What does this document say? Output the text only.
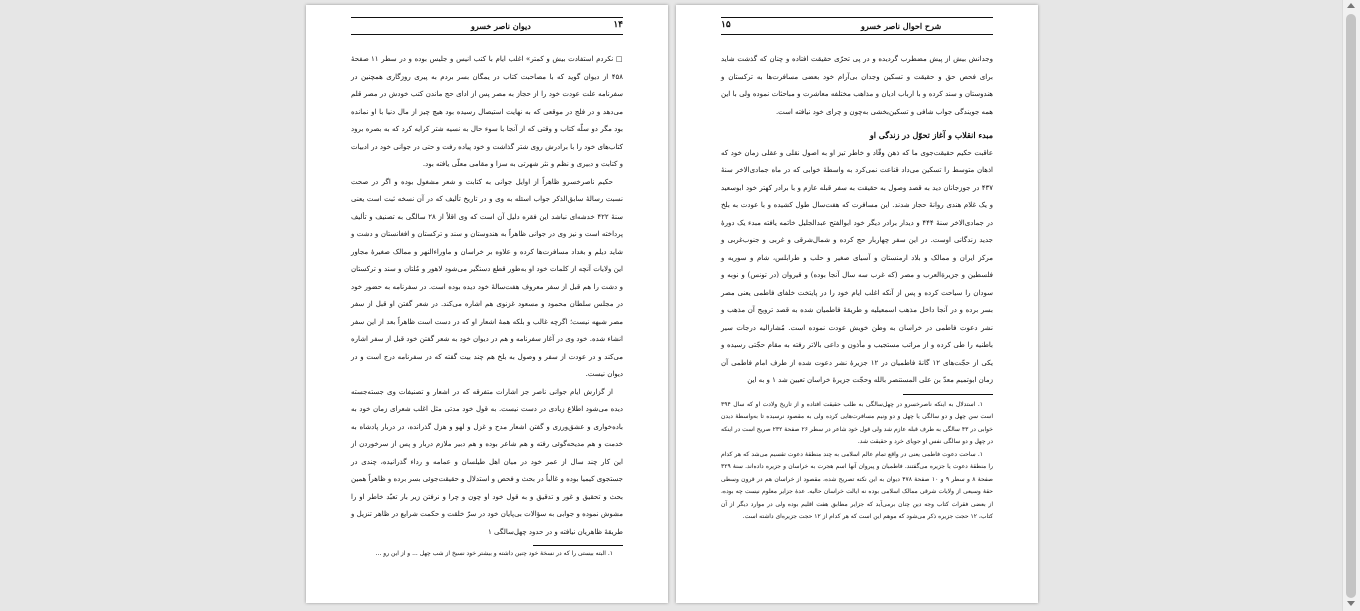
دیوان ناصر خسرو	۱۴

□ نکردم استفادت بیش و کمتر» اغلب ایام با کتب انیس و جلیس بوده و در سطر ۱۱ صفحهٔ ۴۵۸ از دیوان گوید که با مصاحبت کتاب در یمگان بسر بردم به پیری روزگاری همچنین در سفرنامه علت عودت خود را از حجاز به مصر پس از ادای حج ماندن کتب خودش در مصر قلم می‌دهد و در فلج در موقعی که به نهایت استیصال رسیده بود هیچ چیز از مال دنیا با او نمانده بود مگر دو سلّه کتاب و وقتی که از آنجا با سوء حال به نسیه شتر کرایه کرد که به بصره برود کتاب‌های خود را با برادرش روی شتر گذاشت و خود پیاده رفت و حتی در جوانی خود در ادبیات و کتابت و دبیری و نظم و نثر شهرتی به سزا و مقامی معلّی یافته بود.

حکیم ناصرخسرو ظاهراً از اوایل جوانی به کتابت و شعر مشغول بوده و اگر در صحت نسبت رسالهٔ سابق‌الذکر جواب اسئله به وی و در تاریخ تألیف که در آن نسخه ثبت است یعنی سنهٔ ۴۲۲ خدشه‌ای نباشد این فقره دلیل آن است که وی اقلاً از ۲۸ سالگی به تصنیف و تألیف پرداخته است و نیز وی در جوانی ظاهراً به هندوستان و سند و ترکستان و افغانستان و دشت و شاید دیلم و بغداد مسافرت‌ها کرده و علاوه بر خراسان و ماوراءالنهر و ممالک صغیرهٔ مجاور این ولایات آنچه از کلمات خود او به‌طور قطع دستگیر می‌شود لاهور و مُلتان و سند و ترکستان و دشت را هم قبل از سفر معروف هفت‌سالهٔ خود دیده بوده است. در سفرنامه به حضور خود در مجلس سلطان محمود و مسعود غزنوی هم اشاره می‌کند. در شعر گفتن او قبل از سفر مصر شبهه نیست؛ اگرچه غالب و بلکه همهٔ اشعار او که در دست است ظاهراً بعد از این سفر انشاء شده. خود وی در آغاز سفرنامه و هم در دیوان خود به شعر گفتن خود قبل از سفر اشاره می‌کند و در عودت از سفر و وصول به بلخ هم چند بیت گفته که در سفرنامه درج است و در دیوان نیست.

از گزارش ایام جوانی ناصر جز اشارات متفرقه که در اشعار و تصنیفات وی جسته‌جسته دیده می‌شود اطلاع زیادی در دست نیست. به قول خود مدتی مثل اغلب شعرای زمان خود به باده‌خواری و عشق‌ورزی و گفتن اشعار مدح و غزل و لهو و هزل گذرانده، در دربار پادشاه به خدمت و هم مدیحه‌گوئی رفته و هم شاعر بوده و هم دبیر ملازم دربار و پس از سرخوردن از این کار چند سال از عمر خود در میان اهل طیلسان و عمامه و رداء گذرانیده، چندی در جستجوی کیمیا بوده و غالباً در بحث و فحص و استدلال و حقیقت‌جوئی بسر برده و ظاهراً همین بحث و تحقیق و غور و تدقیق و به قول خود او چون و چرا و نرفتن زیر بار تعبّد خاطر او را مشوش نموده و جوابی به سؤالات بی‌پایان خود در سرّ خلقت و حکمت شرایع در ظاهر تنزیل و طریقهٔ ظاهریان نیافته و در حدود چهل‌سالگی ۱

۱. البته بیستی را که در نسخهٔ خود چنین داشته و بیشتر خود نسیخ از شب چهل ... و از این رو ...

۱۵	شرح احوال ناصر خسرو

وجدانش بیش از پیش مضطرب گردیده و در پی تحرّی حقیقت افتاده و چنان که گذشت شاید برای فحص حق و حقیقت و تسکین وجدان بی‌آرام خود بعضی مسافرت‌ها به ترکستان و هندوستان و سند کرده و با ارباب ادیان و مذاهب مختلفه معاشرت و مباحثات نموده ولی با این همه جویندگی جواب شافی و تسکین‌بخشی به‌چون و چرای خود نیافته است.

مبدء انقلاب و آغاز تحوّل در زندگی او

عاقبت حکیم حقیقت‌جوی ما که ذهن وقّاد و خاطر تیز او به اصول نقلی و عقلی زمان خود که اذهان متوسط را تسکین می‌داد قناعت نمی‌کرد به واسطهٔ خوابی که در ماه جمادی‌الاخر سنهٔ ۴۳۷ در جوزجانان دید به قصد وصول به حقیقت به سفر قبله عازم و با برادر کهتر خود ابوسعید و یک غلام هندی روانهٔ حجاز شدند. این مسافرت که هفت‌سال طول کشیده و با عودت به بلخ در جمادی‌الاخر سنهٔ ۴۴۴ و دیدار برادر دیگر خود ابوالفتح عبدالجلیل خاتمه یافته مبدء یک دورهٔ جدید زندگانی اوست. در این سفر چهاربار حج کرده و شمال‌شرقی و غربی و جنوب‌غربی و مرکز ایران و ممالک و بلاد ارمنستان و آسیای صغیر و حلب و طرابلس، شام و سوریه و فلسطین و جزیرةالعرب و مصر (که غرب سه سال آنجا بوده) و قیروان (در تونس) و نوبه و سودان را سیاحت کرده و پس از آنکه اغلب ایام خود را در پایتخت خلفای فاطمی یعنی مصر بسر برده و در آنجا داخل مذهب اسمعیلیه و طریقهٔ فاطمیان شده به قصد ترویج آن مذهب و نشر دعوت فاطمی در خراسان به وطن خویش عودت نموده است. مُشارالیه درجات سیر باطنیه را طی کرده و از مراتب مستجیب و مأذون و داعی بالاتر رفته به مقام حجّتی رسیده و یکی از حجّت‌های ۱۲ گانهٔ فاطمیان در ۱۲ جزیرهٔ نشر دعوت شده از طرف امام فاطمی آن زمان ابوتمیم معدّ بن علی المستنصر بالله وحجّت جزیرهٔ خراسان تعیین شد ۱ و به این

۱. استدلال به اینکه ناصرخسرو در چهل‌سالگی به طلب حقیقت افتاده و از تاریخ ولادت او که سال ۳۹۴ است سن چهل و دو سالگی یا چهل و دو ونیم مسافرت‌هایی کرده ولی به مقصود نرسیده تا به‌واسطهٔ دیدن خوابی در ۴۳ سالگی به طرف قبله عازم شد ولی قول خود شاعر در سطر ۲۶ صفحهٔ ۲۳۲ صریح است در اینکه در چهل و دو سالگی نفس او جویای خرد و حقیقت شد.

۱. ساحت دعوت فاطمی یعنی در واقع تمام عالم اسلامی به چند منطقهٔ دعوت تقسیم می‌شد که هر کدام را منطقهٔ دعوت یا جزیره می‌گفتند. فاطمیان و پیروان آنها اسم هجرت به خراسان و جزیره داده‌اند. سنهٔ ۳۲۹ صفحهٔ ۸ و سطر ۹ و ۱۰ صفحهٔ ۴۷۸ دیوان به این نکته تصریح شده، مقصود از خراسان هم در قرون وسطی حقهٔ وسیعی از ولایات شرقی ممالک اسلامی بوده نه ایالت خراسان حالیه. عدهٔ جزایر معلوم نیست چه بوده، از بعضی فقرات کتاب وجه دین چنان برمی‌آید که جزایر مطابق هفت اقلیم بوده ولی در موارد دیگر از آن کتاب، ۱۲ حجت جزیره ذکر می‌شود که موهم این است که هر کدام از ۱۲ حجت جزیره‌ای داشته است.
